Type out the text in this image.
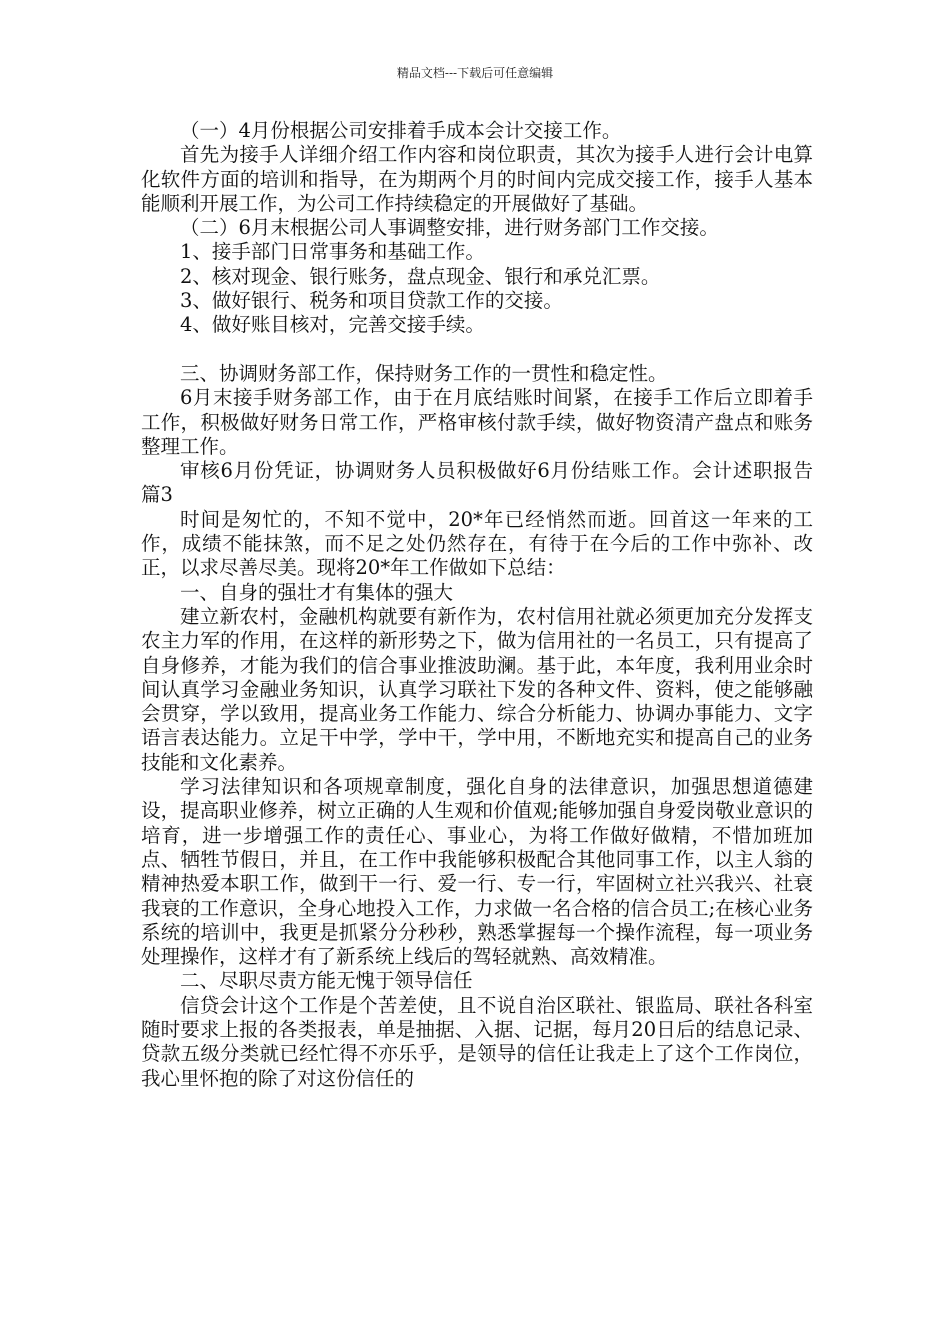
精品文档---下载后可任意编辑

（一）4月份根据公司安排着手成本会计交接工作。

首先为接手人详细介绍工作内容和岗位职责，其次为接手人进行会计电算化软件方面的培训和指导，在为期两个月的时间内完成交接工作，接手人基本能顺利开展工作，为公司工作持续稳定的开展做好了基础。

（二）6月末根据公司人事调整安排，进行财务部门工作交接。

1、接手部门日常事务和基础工作。

2、核对现金、银行账务，盘点现金、银行和承兑汇票。

3、做好银行、税务和项目贷款工作的交接。

4、做好账目核对，完善交接手续。

三、协调财务部工作，保持财务工作的一贯性和稳定性。

6月末接手财务部工作，由于在月底结账时间紧，在接手工作后立即着手工作，积极做好财务日常工作，严格审核付款手续，做好物资清产盘点和账务整理工作。

审核6月份凭证，协调财务人员积极做好6月份结账工作。会计述职报告 篇3

时间是匆忙的，不知不觉中，20*年已经悄然而逝。回首这一年来的工作，成绩不能抹煞，而不足之处仍然存在，有待于在今后的工作中弥补、改正，以求尽善尽美。现将20*年工作做如下总结：

一、自身的强壮才有集体的强大

建立新农村，金融机构就要有新作为，农村信用社就必须更加充分发挥支农主力军的作用，在这样的新形势之下，做为信用社的一名员工，只有提高了自身修养，才能为我们的信合事业推波助澜。基于此，本年度，我利用业余时间认真学习金融业务知识，认真学习联社下发的各种文件、资料，使之能够融会贯穿，学以致用，提高业务工作能力、综合分析能力、协调办事能力、文字语言表达能力。立足干中学，学中干，学中用，不断地充实和提高自己的业务技能和文化素养。

学习法律知识和各项规章制度，强化自身的法律意识，加强思想道德建设，提高职业修养，树立正确的人生观和价值观;能够加强自身爱岗敬业意识的培育，进一步增强工作的责任心、事业心，为将工作做好做精，不惜加班加点、牺牲节假日，并且，在工作中我能够积极配合其他同事工作，以主人翁的精神热爱本职工作，做到干一行、爱一行、专一行，牢固树立社兴我兴、社衰我衰的工作意识，全身心地投入工作，力求做一名合格的信合员工;在核心业务系统的培训中，我更是抓紧分分秒秒，熟悉掌握每一个操作流程，每一项业务处理操作，这样才有了新系统上线后的驾轻就熟、高效精准。

二、尽职尽责方能无愧于领导信任

信贷会计这个工作是个苦差使，且不说自治区联社、银监局、联社各科室随时要求上报的各类报表，单是抽据、入据、记据，每月20日后的结息记录、贷款五级分类就已经忙得不亦乐乎，是领导的信任让我走上了这个工作岗位，我心里怀抱的除了对这份信任的
